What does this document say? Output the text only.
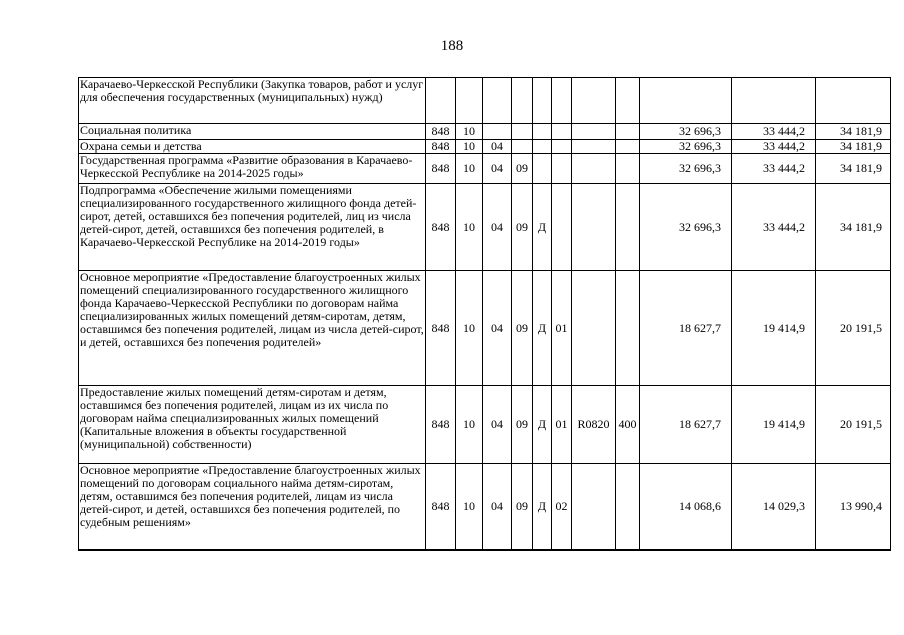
188
Карачаево-Черкесской Республики (Закупка товаров, работ и услуг для обеспечения государственных (муниципальных) нужд)											
Социальная политика	848	10							32 696,3	33 444,2	34 181,9
Охрана семьи и детства	848	10	04						32 696,3	33 444,2	34 181,9
Государственная программа «Развитие образования в Карачаево-Черкесской Республике на 2014-2025 годы»	848	10	04	09					32 696,3	33 444,2	34 181,9
Подпрограмма «Обеспечение жилыми помещениями специализированного государственного жилищного фонда детей-сирот, детей, оставшихся без попечения родителей, лиц из числа детей-сирот, детей, оставшихся без попечения родителей, в Карачаево-Черкесской Республике на 2014-2019 годы»	848	10	04	09	Д				32 696,3	33 444,2	34 181,9
Основное мероприятие «Предоставление благоустроенных жилых помещений специализированного государственного жилищного фонда Карачаево-Черкесской Республики по договорам найма специализированных жилых помещений детям-сиротам, детям, оставшимся без попечения родителей, лицам из числа детей-сирот, и детей, оставшихся без попечения родителей»	848	10	04	09	Д	01			18 627,7	19 414,9	20 191,5
Предоставление жилых помещений детям-сиротам и детям, оставшимся без попечения родителей, лицам из их числа по договорам найма специализированных жилых помещений (Капитальные вложения в объекты государственной (муниципальной) собственности)	848	10	04	09	Д	01	R0820	400	18 627,7	19 414,9	20 191,5
Основное мероприятие «Предоставление благоустроенных жилых помещений по договорам социального найма детям-сиротам, детям, оставшимся без попечения родителей, лицам из числа детей-сирот, и детей, оставшихся без попечения родителей, по судебным решениям»	848	10	04	09	Д	02			14 068,6	14 029,3	13 990,4
